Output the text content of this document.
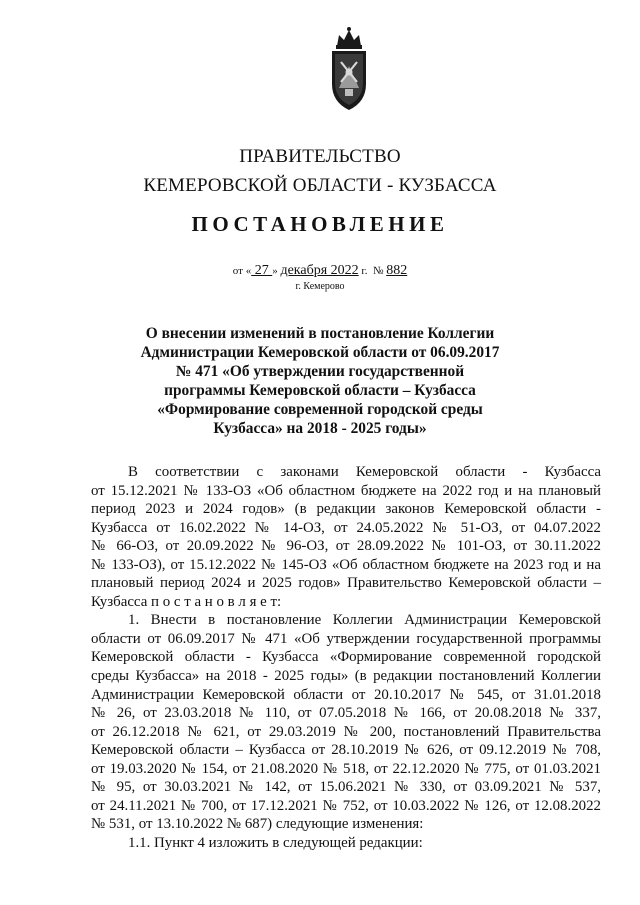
ПРАВИТЕЛЬСТВО
КЕМЕРОВСКОЙ ОБЛАСТИ - КУЗБАССА
ПОСТАНОВЛЕНИЕ
от « 27 » декабря 2022 г.  № 882
г. Кемерово
О внесении изменений в постановление Коллегии
Администрации Кемеровской области от 06.09.2017
№ 471 «Об утверждении государственной
программы Кемеровской области – Кузбасса
«Формирование современной городской среды
Кузбасса» на 2018 - 2025 годы»
В соответствии с законами Кемеровской области - Кузбасса
от 15.12.2021 № 133-ОЗ «Об областном бюджете на 2022 год и на плановый
период 2023 и 2024 годов» (в редакции законов Кемеровской области -
Кузбасса от 16.02.2022 № 14-ОЗ, от 24.05.2022 № 51-ОЗ, от 04.07.2022
№ 66-ОЗ, от 20.09.2022 № 96-ОЗ, от 28.09.2022 № 101-ОЗ, от 30.11.2022
№ 133-ОЗ), от 15.12.2022 № 145-ОЗ «Об областном бюджете на 2023 год и на
плановый период 2024 и 2025 годов» Правительство Кемеровской области –
Кузбасса п о с т а н о в л я е т:
1. Внести в постановление Коллегии Администрации Кемеровской
области от 06.09.2017 № 471 «Об утверждении государственной программы
Кемеровской области - Кузбасса «Формирование современной городской
среды Кузбасса» на 2018 - 2025 годы» (в редакции постановлений Коллегии
Администрации Кемеровской области от 20.10.2017 № 545, от 31.01.2018
№ 26, от 23.03.2018 № 110, от 07.05.2018 № 166, от 20.08.2018 № 337,
от 26.12.2018 № 621, от 29.03.2019 № 200, постановлений Правительства
Кемеровской области – Кузбасса от 28.10.2019 № 626, от 09.12.2019 № 708,
от 19.03.2020 № 154, от 21.08.2020 № 518, от 22.12.2020 № 775, от 01.03.2021
№ 95, от 30.03.2021 № 142, от 15.06.2021 № 330, от 03.09.2021 № 537,
от 24.11.2021 № 700, от 17.12.2021 № 752, от 10.03.2022 № 126, от 12.08.2022
№ 531, от 13.10.2022 № 687) следующие изменения:
1.1. Пункт 4 изложить в следующей редакции:
